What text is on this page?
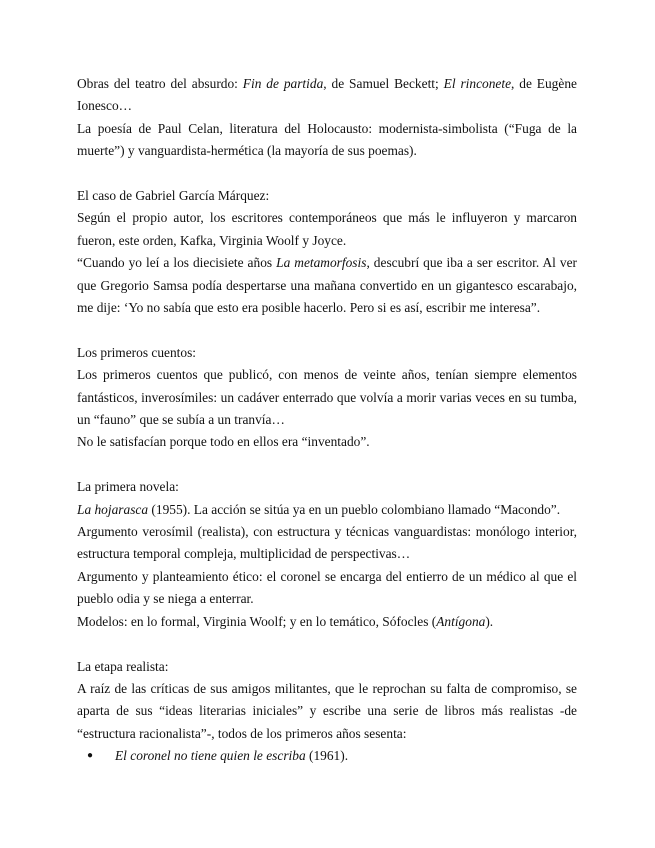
Obras del teatro del absurdo: Fin de partida, de Samuel Beckett; El rinconete, de Eugène Ionesco…

La poesía de Paul Celan, literatura del Holocausto: modernista-simbolista (“Fuga de la muerte”) y vanguardista-hermética (la mayoría de sus poemas).

El caso de Gabriel García Márquez:

Según el propio autor, los escritores contemporáneos que más le influyeron y marcaron fueron, este orden, Kafka, Virginia Woolf y Joyce.

“Cuando yo leí a los diecisiete años La metamorfosis, descubrí que iba a ser escritor. Al ver que Gregorio Samsa podía despertarse una mañana convertido en un gigantesco escarabajo, me dije: ‘Yo no sabía que esto era posible hacerlo. Pero si es así, escribir me interesa”.

Los primeros cuentos:

Los primeros cuentos que publicó, con menos de veinte años, tenían siempre elementos fantásticos, inverosímiles: un cadáver enterrado que volvía a morir varias veces en su tumba, un “fauno” que se subía a un tranvía…

No le satisfacían porque todo en ellos era “inventado”.

La primera novela:

La hojarasca (1955). La acción se sitúa ya en un pueblo colombiano llamado “Macondo”.

Argumento verosímil (realista), con estructura y técnicas vanguardistas: monólogo interior, estructura temporal compleja, multiplicidad de perspectivas…

Argumento y planteamiento ético: el coronel se encarga del entierro de un médico al que el pueblo odia y se niega a enterrar.

Modelos: en lo formal, Virginia Woolf; y en lo temático, Sófocles (Antígona).

La etapa realista:

A raíz de las críticas de sus amigos militantes, que le reprochan su falta de compromiso, se aparta de sus “ideas literarias iniciales” y escribe una serie de libros más realistas -de “estructura racionalista”-, todos de los primeros años sesenta:

● El coronel no tiene quien le escriba (1961).
